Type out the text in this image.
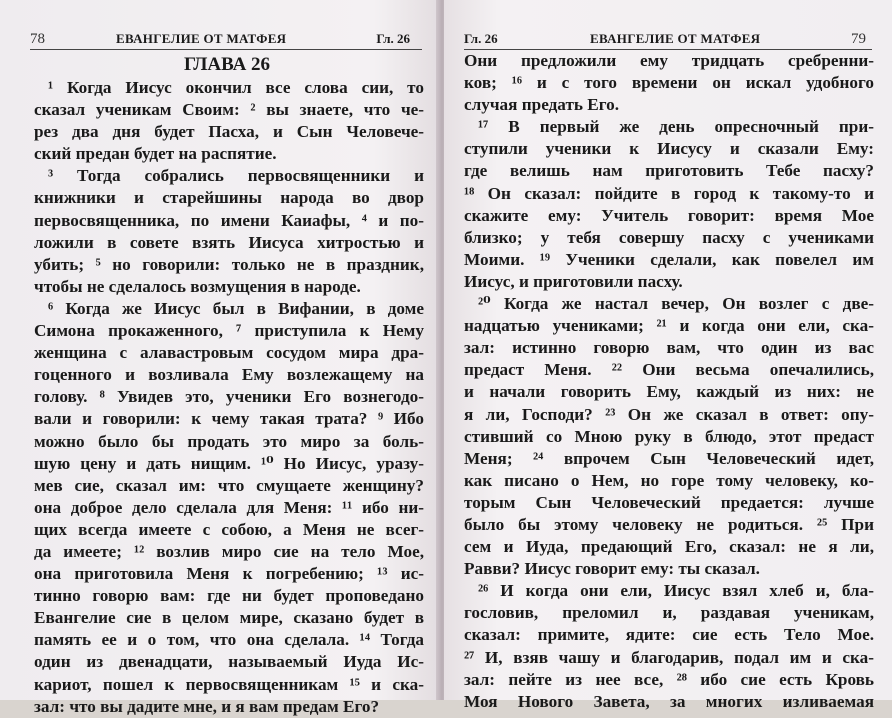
78	ЕВАНГЕЛИЕ ОТ МАТФЕЯ	Гл. 26
ГЛАВА 26
¹ Когда Иисус окончил все слова сии, то
сказал ученикам Своим: ² вы знаете, что че-
рез два дня будет Пасха, и Сын Человече-
ский предан будет на распятие.
³ Тогда собрались первосвященники и
книжники и старейшины народа во двор
первосвященника, по имени Каиафы, ⁴ и по-
ложили в совете взять Иисуса хитростью и
убить; ⁵ но говорили: только не в праздник,
чтобы не сделалось возмущения в народе.
⁶ Когда же Иисус был в Вифании, в доме
Симона прокаженного, ⁷ приступила к Нему
женщина с алавастровым сосудом мира дра-
гоценного и возливала Ему возлежащему на
голову. ⁸ Увидев это, ученики Его вознегодо-
вали и говорили: к чему такая трата? ⁹ Ибо
можно было бы продать это миро за боль-
шую цену и дать нищим. ¹⁰ Но Иисус, уразу-
мев сие, сказал им: что смущаете женщину?
она доброе дело сделала для Меня: ¹¹ ибо ни-
щих всегда имеете с собою, а Меня не всег-
да имеете; ¹² возлив миро сие на тело Мое,
она приготовила Меня к погребению; ¹³ ис-
тинно говорю вам: где ни будет проповедано
Евангелие сие в целом мире, сказано будет в
память ее и о том, что она сделала. ¹⁴ Тогда
один из двенадцати, называемый Иуда Ис-
кариот, пошел к первосвященникам ¹⁵ и ска-
зал: что вы дадите мне, и я вам предам Его?
Гл. 26	ЕВАНГЕЛИЕ ОТ МАТФЕЯ	79
Они предложили ему тридцать сребренни-
ков; ¹⁶ и с того времени он искал удобного
случая предать Его.
¹⁷ В первый же день опресночный при-
ступили ученики к Иисусу и сказали Ему:
где велишь нам приготовить Тебе пасху?
¹⁸ Он сказал: пойдите в город к такому-то и
скажите ему: Учитель говорит: время Мое
близко; у тебя совершу пасху с учениками
Моими. ¹⁹ Ученики сделали, как повелел им
Иисус, и приготовили пасху.
²⁰ Когда же настал вечер, Он возлег с две-
надцатью учениками; ²¹ и когда они ели, ска-
зал: истинно говорю вам, что один из вас
предаст Меня. ²² Они весьма опечалились,
и начали говорить Ему, каждый из них: не
я ли, Господи? ²³ Он же сказал в ответ: опу-
стивший со Мною руку в блюдо, этот предаст
Меня; ²⁴ впрочем Сын Человеческий идет,
как писано о Нем, но горе тому человеку, ко-
торым Сын Человеческий предается: лучше
было бы этому человеку не родиться. ²⁵ При
сем и Иуда, предающий Его, сказал: не я ли,
Равви? Иисус говорит ему: ты сказал.
²⁶ И когда они ели, Иисус взял хлеб и, бла-
гословив, преломил и, раздавая ученикам,
сказал: примите, ядите: сие есть Тело Мое.
²⁷ И, взяв чашу и благодарив, подал им и ска-
зал: пейте из нее все, ²⁸ ибо сие есть Кровь
Моя Нового Завета, за многих изливаемая
